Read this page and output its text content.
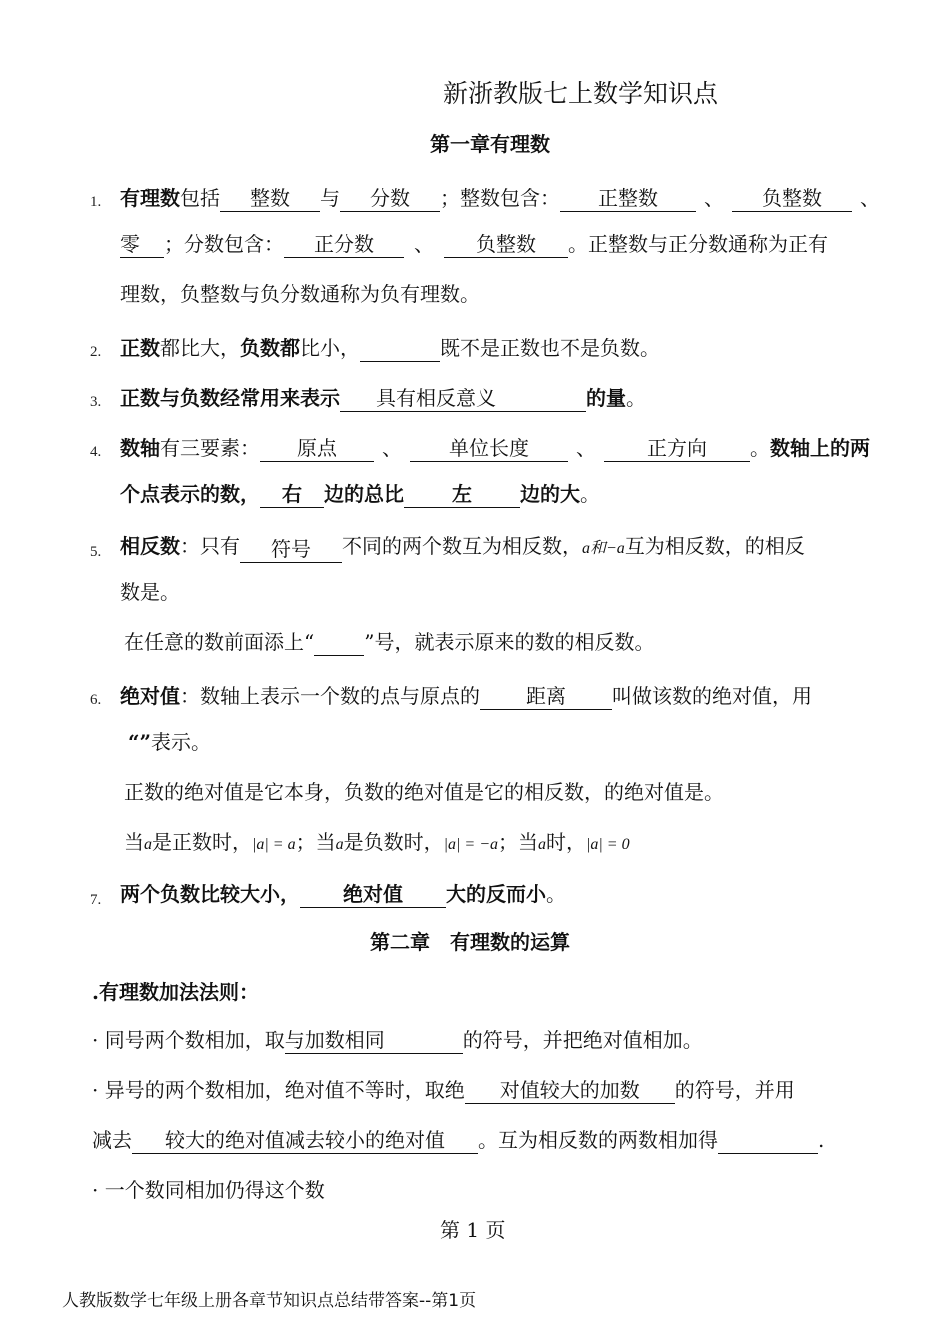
新浙教版七上数学知识点
第一章有理数
1. 有理数包括 整数 与 分数 ；整数包含： 正整数 、 负整数 、
零 ；分数包含： 正分数 、 负整数 。正整数与正分数通称为正有
理数，负整数与负分数通称为负有理数。
2. 正数都比大，负数都比小，	既不是正数也不是负数。
3. 正数与负数经常用来表示 具有相反意义	的量。
4. 数轴有三要素： 原点 、 单位长度 、	正方向 。数轴上的两
个点表示的数， 右 边的总比 左 边的大。
5. 相反数：只有 符号 不同的两个数互为相反数，a和−a互为相反数，的相反
数是。
在任意的数前面添上“	”号，就表示原来的数的相反数。
6. 绝对值：数轴上表示一个数的点与原点的 距离 叫做该数的绝对值，用
“”表示。
正数的绝对值是它本身，负数的绝对值是它的相反数，的绝对值是。
当a是正数时，|a| = a；当a是负数时，|a| = −a；当a时，|a| = 0
7. 两个负数比较大小， 绝对值 大的反而小。
第二章　有理数的运算
.有理数加法法则：
· 同号两个数相加，取与加数相同	的符号，并把绝对值相加。
· 异号的两个数相加，绝对值不等时，取绝 对值较大的加数 的符号，并用
减去 较大的绝对值减去较小的绝对值 。互为相反数的两数相加得	.
· 一个数同相加仍得这个数
第 1 页
人教版数学七年级上册各章节知识点总结带答案--第1页
